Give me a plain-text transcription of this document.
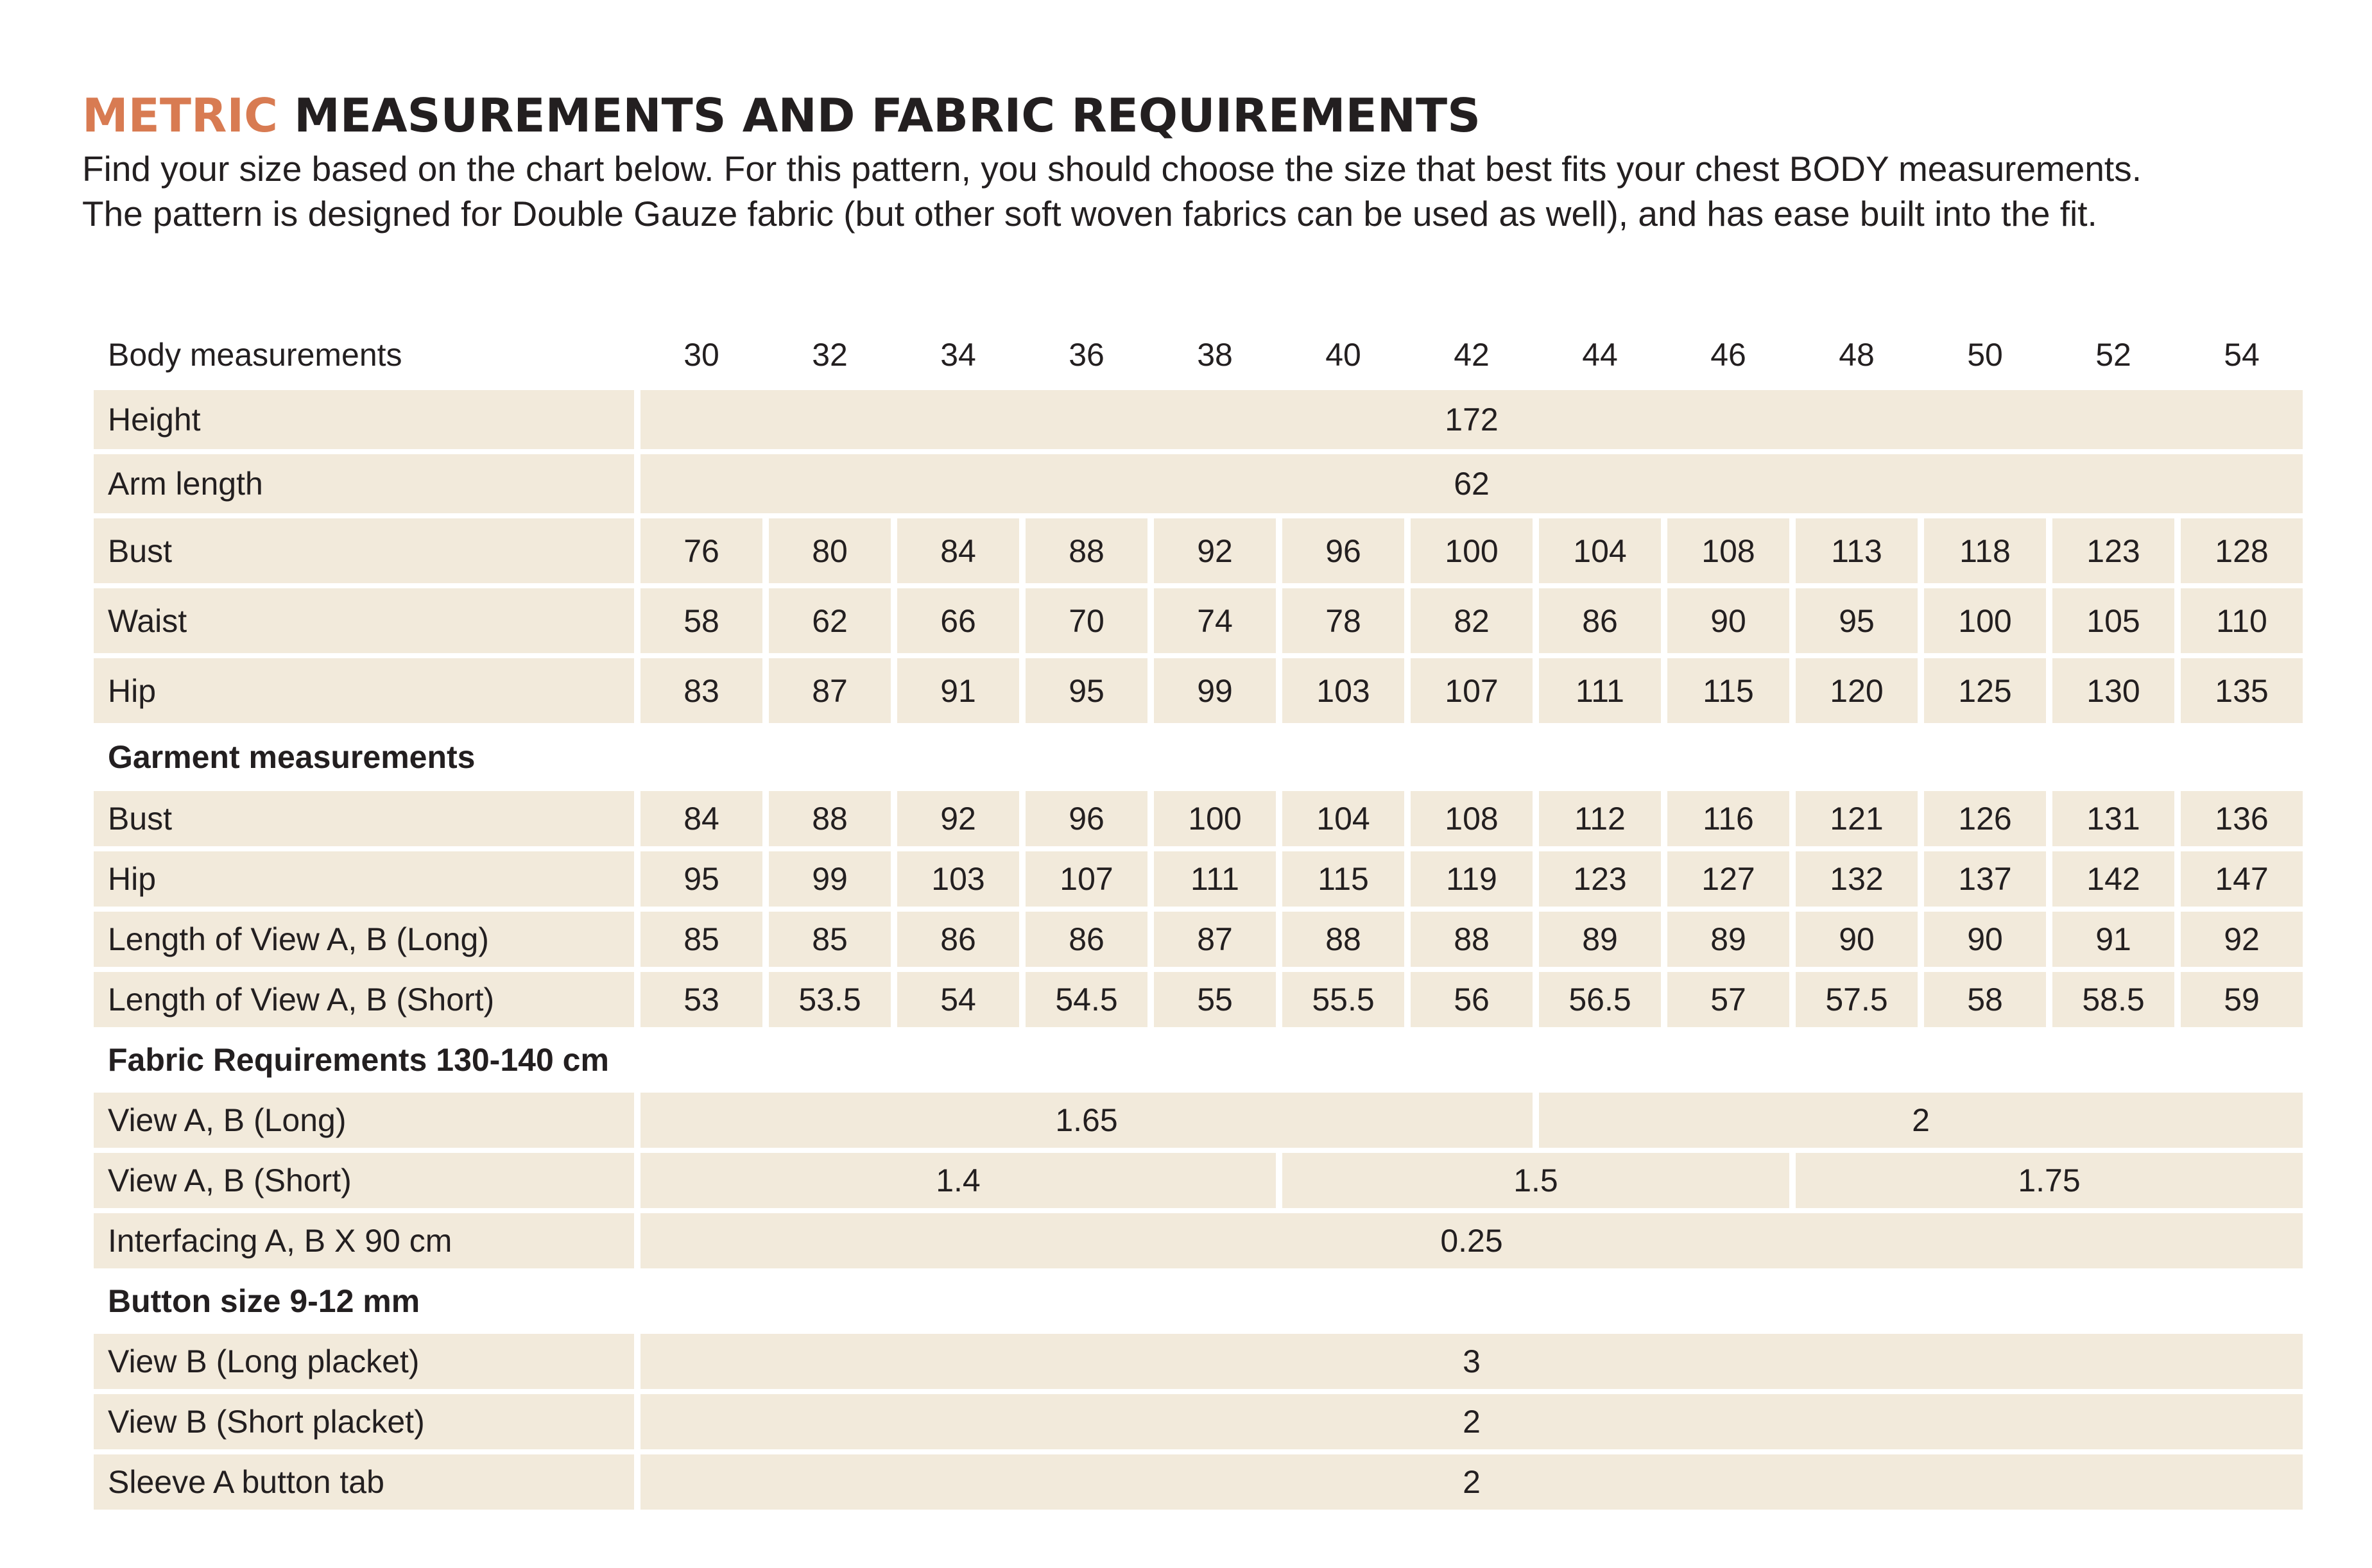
METRIC MEASUREMENTS AND FABRIC REQUIREMENTS

Find your size based on the chart below. For this pattern, you should choose the size that best fits your chest BODY measurements.

The pattern is designed for Double Gauze fabric (but other soft woven fabrics can be used as well), and has ease built into the fit.

Body measurements	30	32	34	36	38	40	42	44	46	48	50	52	54
Height	172												
Arm length	62												
Bust	76	80	84	88	92	96	100	104	108	113	118	123	128
Waist	58	62	66	70	74	78	82	86	90	95	100	105	110
Hip	83	87	91	95	99	103	107	111	115	120	125	130	135
Garment measurements													
Bust	84	88	92	96	100	104	108	112	116	121	126	131	136
Hip	95	99	103	107	111	115	119	123	127	132	137	142	147
Length of View A, B (Long)	85	85	86	86	87	88	88	89	89	90	90	91	92
Length of View A, B (Short)	53	53.5	54	54.5	55	55.5	56	56.5	57	57.5	58	58.5	59
Fabric Requirements 130-140 cm													
View A, B (Long)	1.65							2					
View A, B (Short)	1.4					1.5				1.75			
Interfacing A, B X 90 cm	0.25												
Button size 9-12 mm													
View B (Long placket)	3												
View B (Short placket)	2												
Sleeve A button tab	2												
